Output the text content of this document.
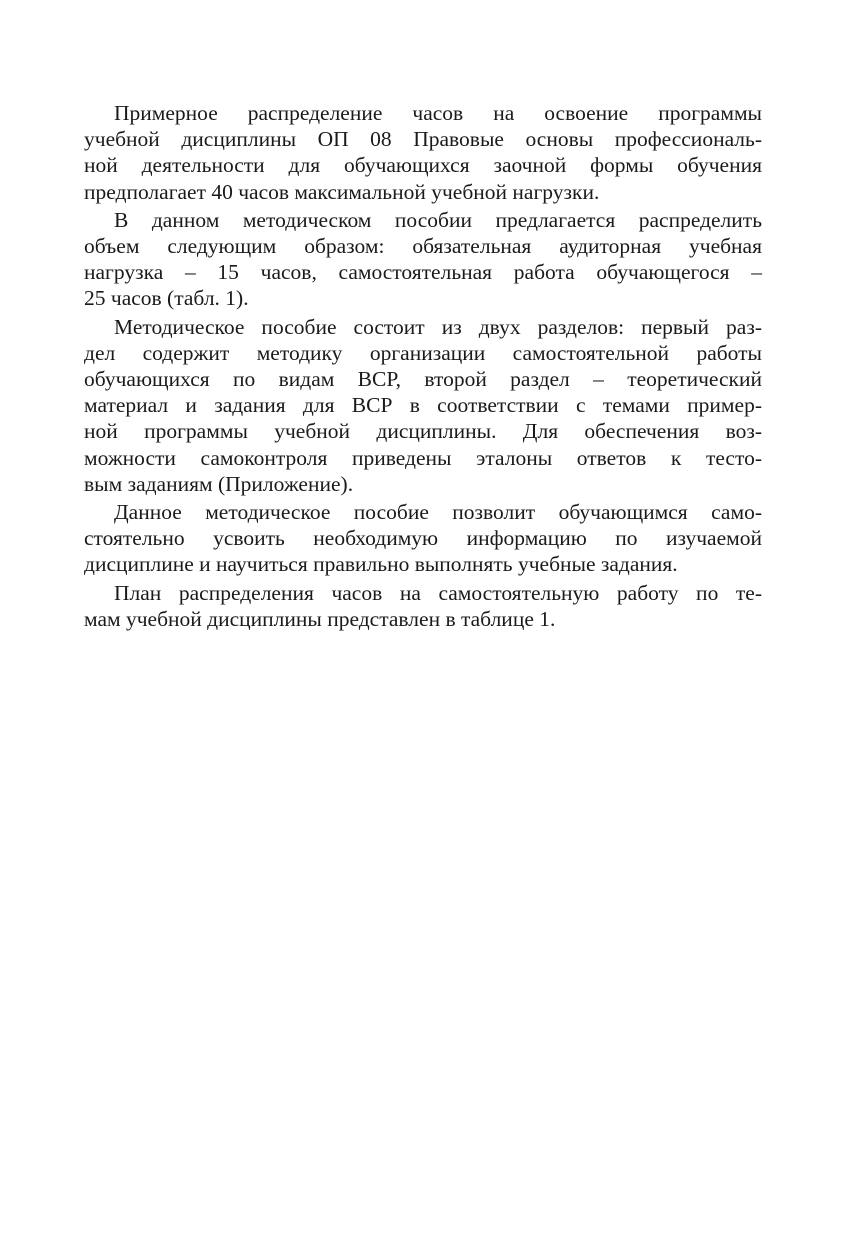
Примерное распределение часов на освоение программы
учебной дисциплины ОП 08 Правовые основы профессиональ-
ной деятельности для обучающихся заочной формы обучения
предполагает 40 часов максимальной учебной нагрузки.

В данном методическом пособии предлагается распределить
объем следующим образом: обязательная аудиторная учебная
нагрузка – 15 часов, самостоятельная работа обучающегося –
25 часов (табл. 1).

Методическое пособие состоит из двух разделов: первый раз-
дел содержит методику организации самостоятельной работы
обучающихся по видам ВСР, второй раздел – теоретический
материал и задания для ВСР в соответствии с темами пример-
ной программы учебной дисциплины. Для обеспечения воз-
можности самоконтроля приведены эталоны ответов к тесто-
вым заданиям (Приложение).

Данное методическое пособие позволит обучающимся само-
стоятельно усвоить необходимую информацию по изучаемой
дисциплине и научиться правильно выполнять учебные задания.

План распределения часов на самостоятельную работу по те-
мам учебной дисциплины представлен в таблице 1.
